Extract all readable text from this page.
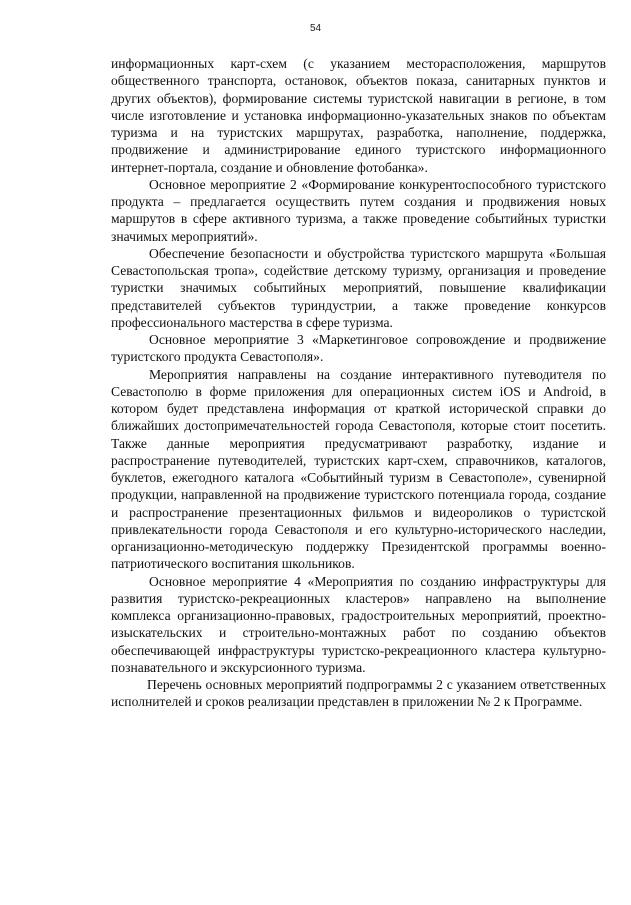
54

информационных карт-схем (с указанием месторасположения, маршрутов общественного транспорта, остановок, объектов показа, санитарных пунктов и других объектов), формирование системы туристской навигации в регионе, в том числе изготовление и установка информационно-указательных знаков по объектам туризма и на туристских маршрутах, разработка, наполнение, поддержка, продвижение и администрирование единого туристского информационного интернет-портала, создание и обновление фотобанка».

Основное мероприятие 2 «Формирование конкурентоспособного туристского продукта – предлагается осуществить путем создания и продвижения новых маршрутов в сфере активного туризма, а также проведение событийных туристки значимых мероприятий».

Обеспечение безопасности и обустройства туристского маршрута «Большая Севастопольская тропа», содействие детскому туризму, организация и проведение туристки значимых событийных мероприятий, повышение квалификации представителей субъектов туриндустрии, а также проведение конкурсов профессионального мастерства в сфере туризма.

Основное мероприятие 3 «Маркетинговое сопровождение и продвижение туристского продукта Севастополя».

Мероприятия направлены на создание интерактивного путеводителя по Севастополю в форме приложения для операционных систем iOS и Android, в котором будет представлена информация от краткой исторической справки до ближайших достопримечательностей города Севастополя, которые стоит посетить. Также данные мероприятия предусматривают разработку, издание и распространение путеводителей, туристских карт-схем, справочников, каталогов, буклетов, ежегодного каталога «Событийный туризм в Севастополе», сувенирной продукции, направленной на продвижение туристского потенциала города, создание и распространение презентационных фильмов и видеороликов о туристской привлекательности города Севастополя и его культурно-исторического наследии, организационно-методическую поддержку Президентской программы военно-патриотического воспитания школьников.

Основное мероприятие 4 «Мероприятия по созданию инфраструктуры для развития туристско-рекреационных кластеров» направлено на выполнение комплекса организационно-правовых, градостроительных мероприятий, проектно-изыскательских и строительно-монтажных работ по созданию объектов обеспечивающей инфраструктуры туристско-рекреационного кластера культурно-познавательного и экскурсионного туризма.

Перечень основных мероприятий подпрограммы 2 с указанием ответственных исполнителей и сроков реализации представлен в приложении № 2 к Программе.
